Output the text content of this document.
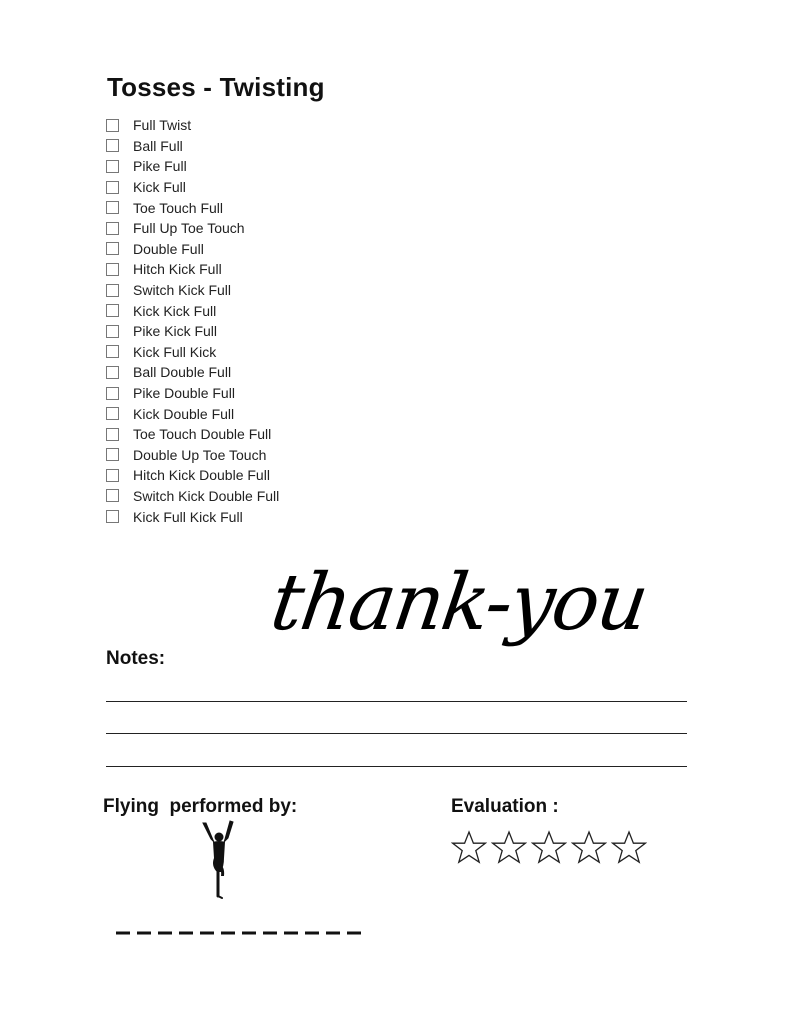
Tosses - Twisting
Full Twist
Ball Full
Pike Full
Kick Full
Toe Touch Full
Full Up Toe Touch
Double Full
Hitch Kick Full
Switch Kick Full
Kick Kick Full
Pike Kick Full
Kick Full Kick
Ball Double Full
Pike Double Full
Kick Double Full
Toe Touch Double Full
Double Up Toe Touch
Hitch Kick Double Full
Switch Kick Double Full
Kick Full Kick Full
thank-you
Notes:
Flying  performed by:	Evaluation :
